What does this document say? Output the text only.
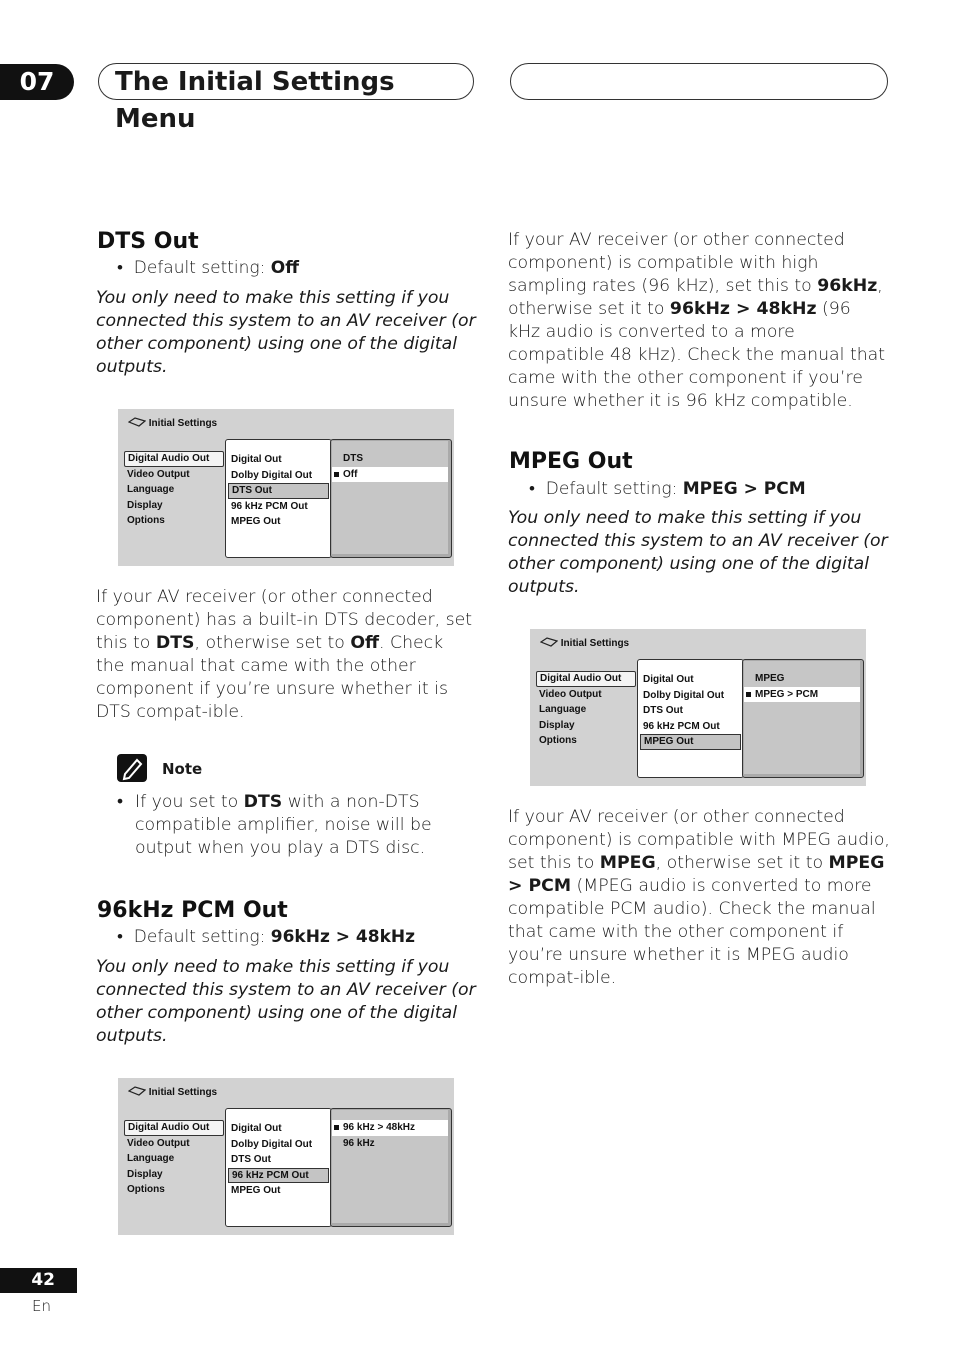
07	The Initial Settings Menu
DTS Out
•  Default setting: Off
You only need to make this setting if you connected this system to an AV receiver (or other component) using one of the digital outputs.
Initial Settings
Digital Audio Out
Video Output
Language
Display
Options
Digital Out
Dolby Digital Out
DTS Out
96 kHz PCM Out
MPEG Out
DTS
Off
If your AV receiver (or other connected component) has a built-in DTS decoder, set this to DTS, otherwise set to Off. Check the manual that came with the other component if you’re unsure whether it is DTS compat-ible.
Note
• If you set to DTS with a non-DTS compatible amplifier, noise will be output when you play a DTS disc.
96kHz PCM Out
•  Default setting: 96kHz > 48kHz
You only need to make this setting if you connected this system to an AV receiver (or other component) using one of the digital outputs.
Initial Settings
Digital Audio Out
Video Output
Language
Display
Options
Digital Out
Dolby Digital Out
DTS Out
96 kHz PCM Out
MPEG Out
96 kHz > 48kHz
96 kHz
If your AV receiver (or other connected component) is compatible with high sampling rates (96 kHz), set this to 96kHz, otherwise set it to 96kHz > 48kHz (96 kHz audio is converted to a more compatible 48 kHz). Check the manual that came with the other component if you’re unsure whether it is 96 kHz compatible.
MPEG Out
•  Default setting: MPEG > PCM
You only need to make this setting if you connected this system to an AV receiver (or other component) using one of the digital outputs.
Initial Settings
Digital Audio Out
Video Output
Language
Display
Options
Digital Out
Dolby Digital Out
DTS Out
96 kHz PCM Out
MPEG Out
MPEG
MPEG > PCM
If your AV receiver (or other connected component) is compatible with MPEG audio, set this to MPEG, otherwise set it to MPEG > PCM (MPEG audio is converted to more compatible PCM audio). Check the manual that came with the other component if you’re unsure whether it is MPEG audio compat-ible.
42
En
